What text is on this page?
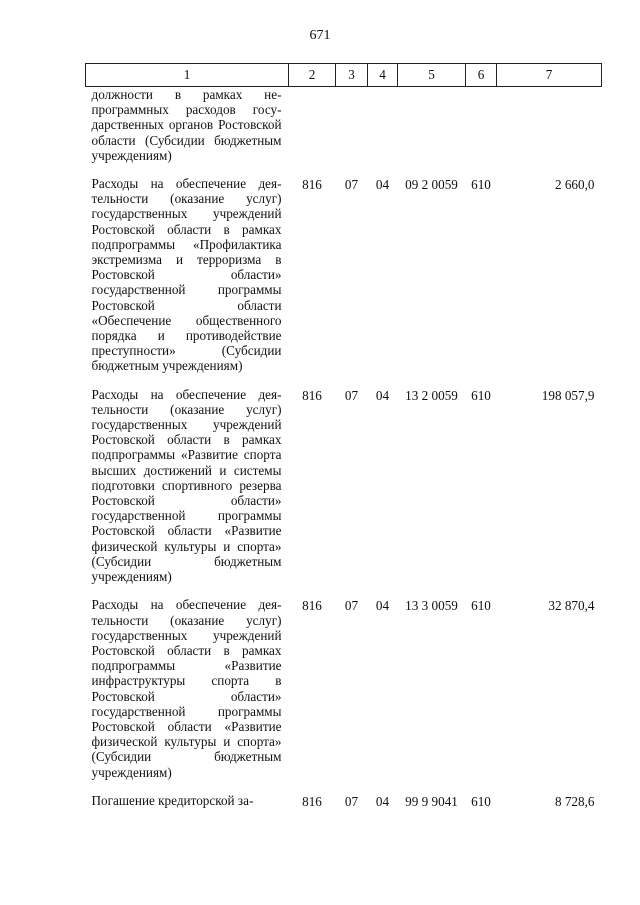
671
1	2	3	4	5	6	7
должности в рамках непрограммных расходов государственных органов Ростовской области (Субсидии бюджетным учреждениям)						
Расходы на обеспечение деятельности (оказание услуг) государственных учреждений Ростовской области в рамках подпрограммы «Профилактика экстремизма и терроризма в Ростовской области» государственной программы Ростовской области «Обеспечение общественного порядка и противодействие преступности» (Субсидии бюджетным учреждениям)	816	07	04	09 2 0059	610	2 660,0
Расходы на обеспечение деятельности (оказание услуг) государственных учреждений Ростовской области в рамках подпрограммы «Развитие спорта высших достижений и системы подготовки спортивного резерва Ростовской области» государственной программы Ростовской области «Развитие физической культуры и спорта» (Субсидии бюджетным учреждениям)	816	07	04	13 2 0059	610	198 057,9
Расходы на обеспечение деятельности (оказание услуг) государственных учреждений Ростовской области в рамках подпрограммы «Развитие инфраструктуры спорта в Ростовской области» государственной программы Ростовской области «Развитие физической культуры и спорта» (Субсидии бюджетным учреждениям)	816	07	04	13 3 0059	610	32 870,4
Погашение кредиторской за-	816	07	04	99 9 9041	610	8 728,6
